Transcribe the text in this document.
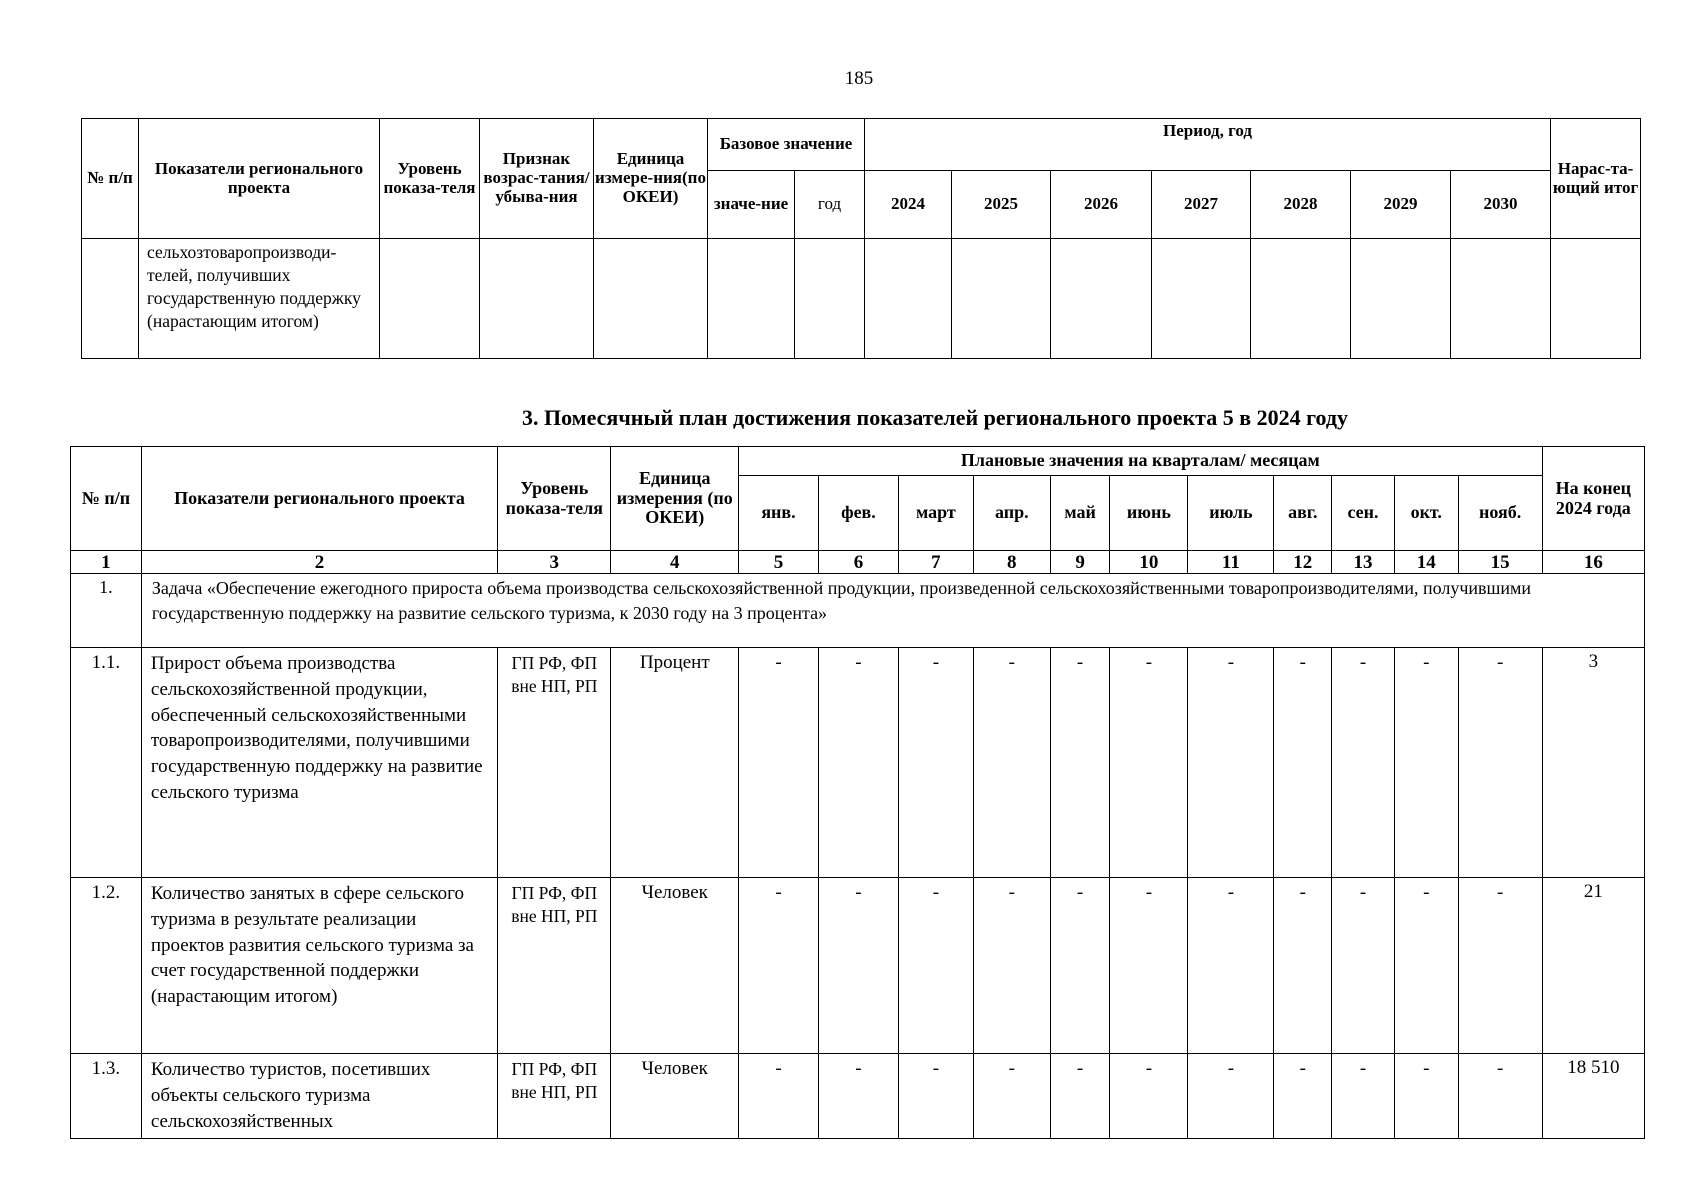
185
№ п/п	Показатели регионального проекта	Уровень показа-теля	Признак возрас-тания/ убыва-ния	Единица измере-ния(по ОКЕИ)	Базовое значение		Период, год							Нарас-та-ющий итог
					значе-ние	год	2024	2025	2026	2027	2028	2029	2030	
	сельхозтоваропроизводи-телей, получивших государственную поддержку (нарастающим итогом)													
3. Помесячный план достижения показателей регионального проекта 5 в 2024 году
№ п/п	Показатели регионального проекта	Уровень показа-теля	Единица измерения (по ОКЕИ)	Плановые значения на кварталам/ месяцам											На конец 2024 года
				янв.	фев.	март	апр.	май	июнь	июль	авг.	сен.	окт.	нояб.	
1	2	3	4	5	6	7	8	9	10	11	12	13	14	15	16
1.	Задача «Обеспечение ежегодного прироста объема производства сельскохозяйственной продукции, произведенной сельскохозяйственными товаропроизводителями, получившими государственную поддержку на развитие сельского туризма, к 2030 году на 3 процента»														
1.1.	Прирост объема производства сельскохозяйственной продукции, обеспеченный сельскохозяйственными товаропроизводителями, получившими государственную поддержку на развитие сельского туризма	ГП РФ, ФП вне НП, РП	Процент	-	-	-	-	-	-	-	-	-	-	-	3
1.2.	Количество занятых в сфере сельского туризма в результате реализации проектов развития сельского туризма за счет государственной поддержки (нарастающим итогом)	ГП РФ, ФП вне НП, РП	Человек	-	-	-	-	-	-	-	-	-	-	-	21
1.3.	Количество туристов, посетивших объекты сельского туризма сельскохозяйственных	ГП РФ, ФП вне НП, РП	Человек	-	-	-	-	-	-	-	-	-	-	-	18 510
